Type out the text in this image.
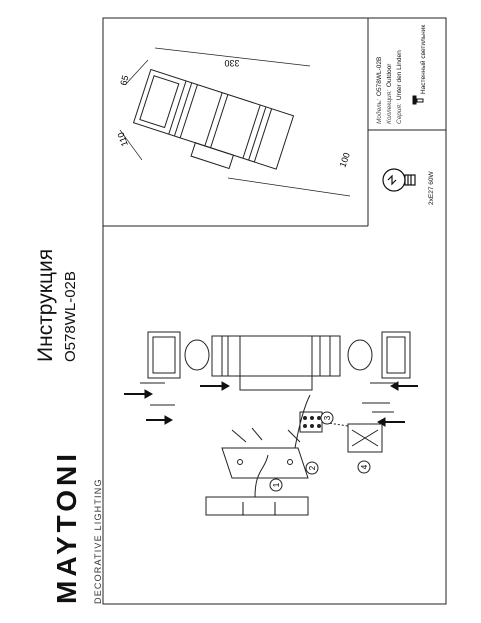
MAYTONI DECORATIVE LIGHTING
Инструкция O578WL-02B
330
65
110
100
1
2
3
4
Модель:O578WL-02B
Коллекция:Outdoor
Серия:Unter den Linden	Настенный светильник
2xE27 60W
